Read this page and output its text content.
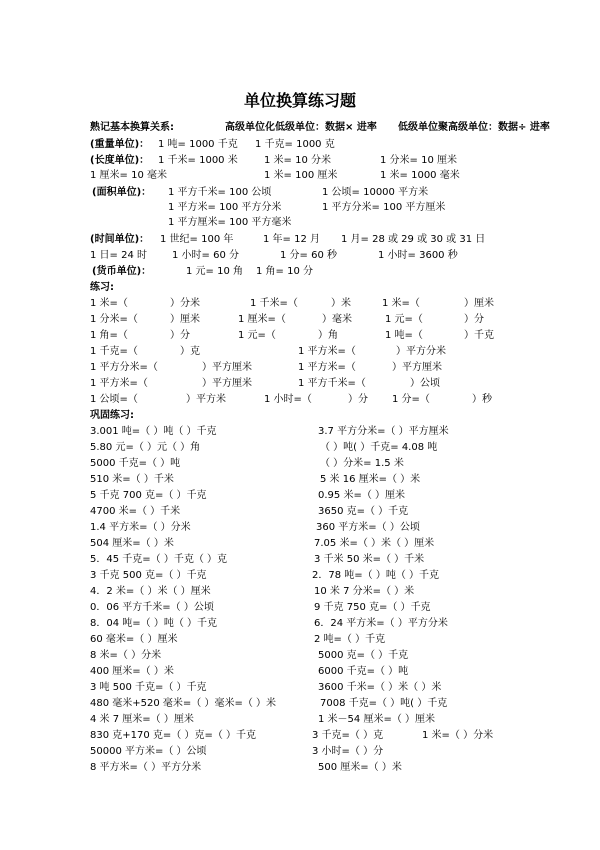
单位换算练习题
熟记基本换算关系:	高级单位化低级单位：数据× 进率 低级单位聚高级单位：数据÷ 进率
(重量单位)： 1 吨= 1000 千克 1 千克= 1000 克
(长度单位)： 1 千米= 1000 米	1 米= 10 分米	1 分米= 10 厘米
1 厘米= 10 毫米	1 米= 100 厘米	1 米= 1000 毫米
(面积单位)： 1 平方千米= 100 公顷	1 公顷= 10000 平方米
1 平方米= 100 平方分米	1 平方分米= 100 平方厘米
1 平方厘米= 100 平方毫米
(时间单位)： 1 世纪= 100 年	1 年= 12 月 1 月= 28 或 29 或 30 或 31 日
1 日= 24 时 1 小时= 60 分	1 分= 60 秒	1 小时= 3600 秒
(货币单位)：	1 元= 10 角 1 角= 10 分
练习:
1 米=（	）分米	1 千米=（	）米	1 米=（	）厘米
1 分米=（	）厘米	1 厘米=（	）毫米	1 元=（	）分
1 角=（	）分	1 元=（	）角	1 吨=（	）千克
1 千克=（	）克	1 平方米=（	）平方分米
1 平方分米=（	）平方厘米	1 平方米=（	）平方厘米
1 平方米=（	）平方厘米	1 平方千米=（	）公顷
1 公顷=（	）平方米	1 小时=（	）分 1 分=（	）秒
巩固练习:
3.001 吨=（ ）吨（ ）千克	3.7 平方分米=（ ）平方厘米
5.80 元=（ ）元（ ）角	（ ）吨( ）千克= 4.08 吨
5000 千克=（ ）吨	（ ）分米= 1.5 米
510 米=（ ）千米	5 米 16 厘米=（ ）米
5 千克 700 克=（ ）千克	0.95 米=（ ）厘米
4700 米=（ ）千米	3650 克=（ ）千克
1.4 平方米=（ ）分米	360 平方米=（ ）公顷
504 厘米=（ ）米	7.05 米=（ ）米（ ）厘米
5．45 千克=（ ）千克（ ）克	3 千米 50 米=（ ）千米
3 千克 500 克=（ ）千克	2．78 吨=（ ）吨（ ）千克
4．2 米=（ ）米（ ）厘米	10 米 7 分米=（ ）米
0．06 平方千米=（ ）公顷	9 千克 750 克=（ ）千克
8．04 吨=（ ）吨（ ）千克	6．24 平方米=（ ）平方分米
60 毫米=（ ）厘米	2 吨=（ ）千克
8 米=（ ）分米	5000 克=（ ）千克
400 厘米=（ ）米	6000 千克=（ ）吨
3 吨 500 千克=（ ）千克	3600 千米=（ ）米（ ）米
480 毫米+520 毫米=（ ）毫米=（ ）米	7008 千克=（ ）吨( ）千克
4 米 7 厘米=（ ）厘米	1 米－54 厘米=（ ）厘米
830 克+170 克=（ ）克=（ ）千克	3 千克=（ ）克	1 米=（ ）分米
50000 平方米=（ ）公顷	3 小时=（ ）分
8 平方米=（ ）平方分米	500 厘米=（ ）米
